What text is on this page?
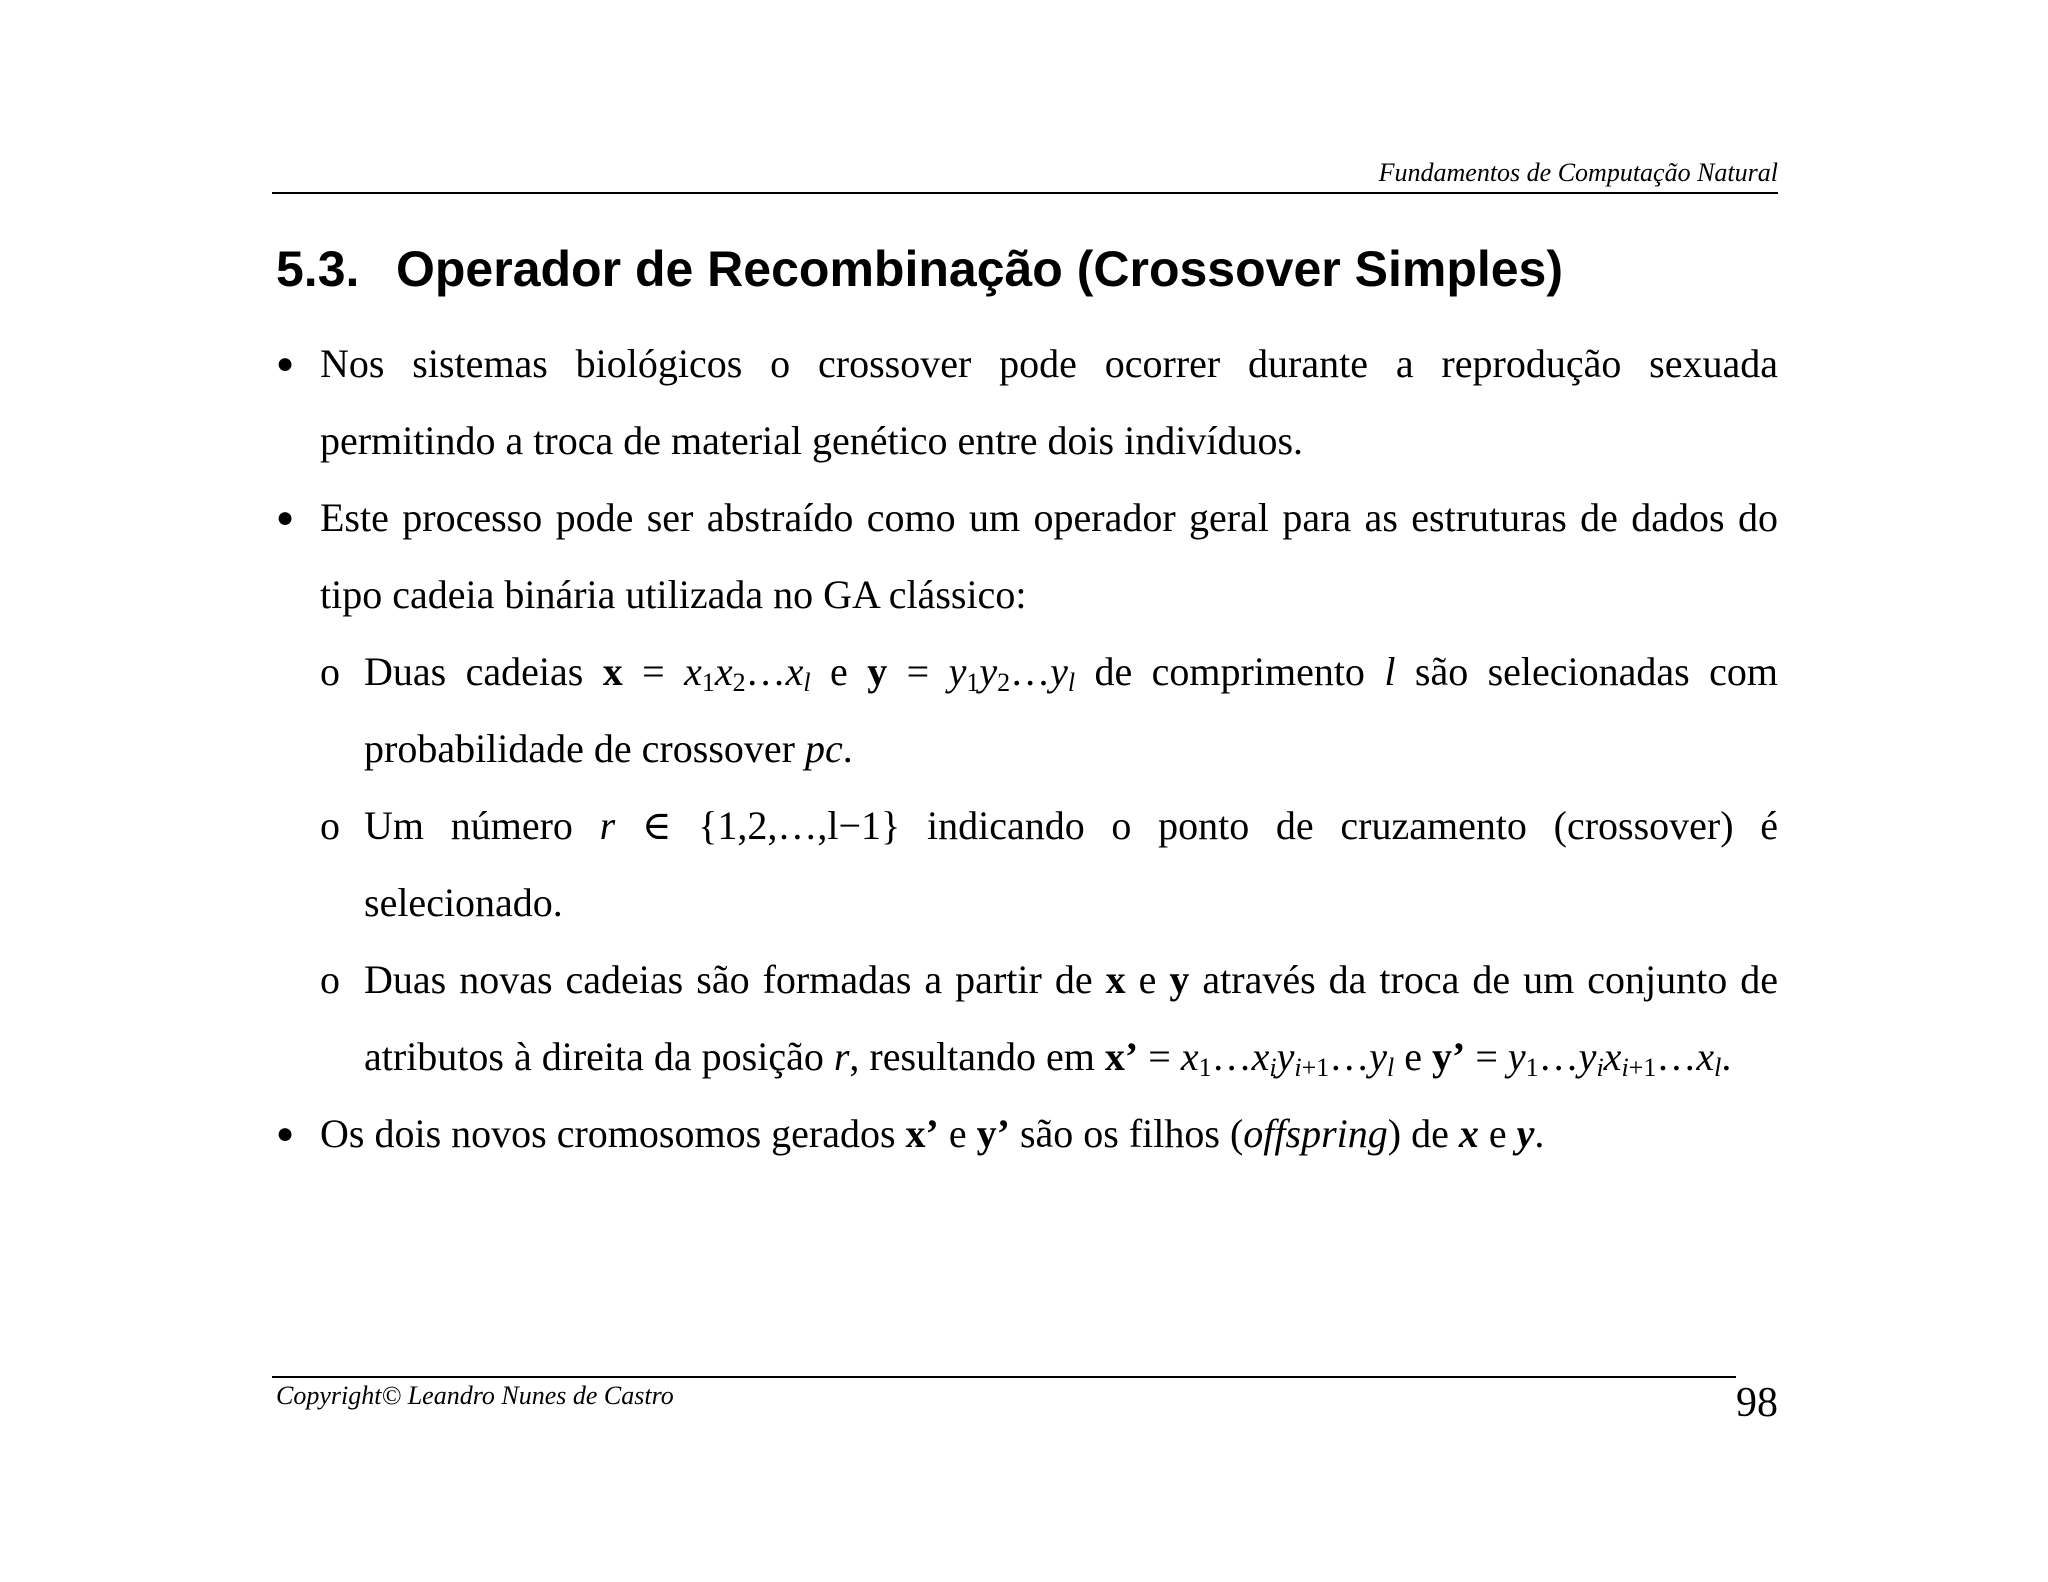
Fundamentos de Computação Natural
5.3. Operador de Recombinação (Crossover Simples)
● Nos sistemas biológicos o crossover pode ocorrer durante a reprodução sexuada permitindo a troca de material genético entre dois indivíduos.
● Este processo pode ser abstraído como um operador geral para as estruturas de dados do tipo cadeia binária utilizada no GA clássico:
o Duas cadeias x = x1x2…xl e y = y1y2…yl de comprimento l são selecionadas com probabilidade de crossover pc.
o Um número r ∈ {1,2,…,l−1} indicando o ponto de cruzamento (crossover) é selecionado.
o Duas novas cadeias são formadas a partir de x e y através da troca de um conjunto de atributos à direita da posição r, resultando em x’ = x1…xiyi+1…yl e y’ = y1…yixi+1…xl.
● Os dois novos cromosomos gerados x’ e y’ são os filhos (offspring) de x e y.
Copyright© Leandro Nunes de Castro	98
